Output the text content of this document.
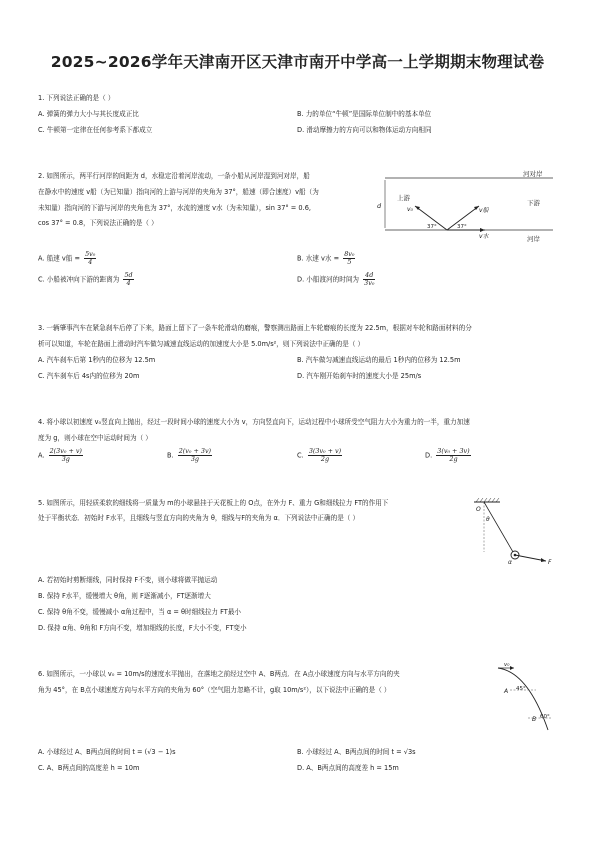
2025~2026学年天津南开区天津市南开中学高一上学期期末物理试卷
1. 下列说法正确的是（ ）
A. 弹簧的弹力大小与其长度成正比	B. 力的单位“牛顿”是国际单位制中的基本单位
C. 牛顿第一定律在任何参考系下都成立	D. 滑动摩擦力的方向可以和物体运动方向相同
2. 如图所示，两平行河岸的间距为 d，水稳定沿着河岸流动，一条小船从河岸湿到河对岸，船
在静水中的速度 v船（为已知量）指向河的上游与河岸的夹角为 37°，船速（即合速度）v船（为
未知量）指向河的下游与河岸的夹角也为 37°，水流的速度 v水（为未知量），sin 37° = 0.6,
cos 37° = 0.8，下列说法正确的是（ ）
A. 船速 v船 = $\frac{\text{5v₀}}{4}$	B. 水速 v水 = $\frac{\text{8v₀}}{5}$
C. 小船被冲向下游的距离为 $\frac{5d}{4}$	D. 小船渡河的时间为 $\frac{4d}{\text{3v₀}}$
河对岸
河岸
上游
下游
d	v₀	v船
v水
37°	37°
3. 一辆肇事汽车在紧急刹车后停了下来，路面上留下了一条车轮滑动的磨痕，警察测出路面上车轮磨痕的长度为 22.5m，根据对车轮和路面材料的分
析可以知道，车轮在路面上滑动时汽车做匀减速直线运动的加速度大小是 5.0m/s²，则下列说法中正确的是（ ）
A. 汽车刹车后第 1秒内的位移为 12.5m	B. 汽车做匀减速直线运动的最后 1秒内的位移为 12.5m
C. 汽车刹车后 4s内的位移为 20m	D. 汽车刚开始刹车时的速度大小是 25m/s
4. 将小球以初速度 v₀竖直向上抛出，经过一段时间小球的速度大小为 v，方向竖直向下，运动过程中小球所受空气阻力大小为重力的一半，重力加速
度为 g，则小球在空中运动时间为（ ）
A. $\frac{\text{2(3v₀ + v)}}{3g}$	B. $\frac{\text{2(v₀ + 3v)}}{3g}$	C. $\frac{\text{3(3v₀ + v)}}{2g}$	D. $\frac{\text{3(v₀ + 3v)}}{2g}$
5. 如图所示，用轻质柔软的细线将一质量为 m的小球悬挂于天花板上的 O点，在外力 F、重力 G和细线拉力 FT的作用下
处于平衡状态．初始时 F水平，且细线与竖直方向的夹角为 θ，细线与F的夹角为 α．下列说法中正确的是（ ）
O
θ
F
α
A. 若初始时剪断细线，同时保持 F不变，则小球将做平抛运动
B. 保持 F水平，缓慢增大 θ角，则 F逐渐减小，FT逐渐增大
C. 保持 θ角不变，缓慢减小 α角过程中，当 α = θ时细线拉力 FT最小
D. 保持 α角、θ角和 F方向不变，增加细线的长度，F大小不变，FT变小
6. 如图所示，一小球以 v₀ = 10m/s的速度水平抛出，在落地之前经过空中 A、B两点．在 A点小球速度方向与水平方向的夹
角为 45°，在 B点小球速度方向与水平方向的夹角为 60°（空气阻力忽略不计，g取 10m/s²），以下说法中正确的是（ ）
v₀
A 45°
B 60°
A. 小球经过 A、B两点间的时间 t = (√3 − 1)s	B. 小球经过 A、B两点间的时间 t = √3s
C. A、B两点间的高度差 h = 10m	D. A、B两点间的高度差 h = 15m
